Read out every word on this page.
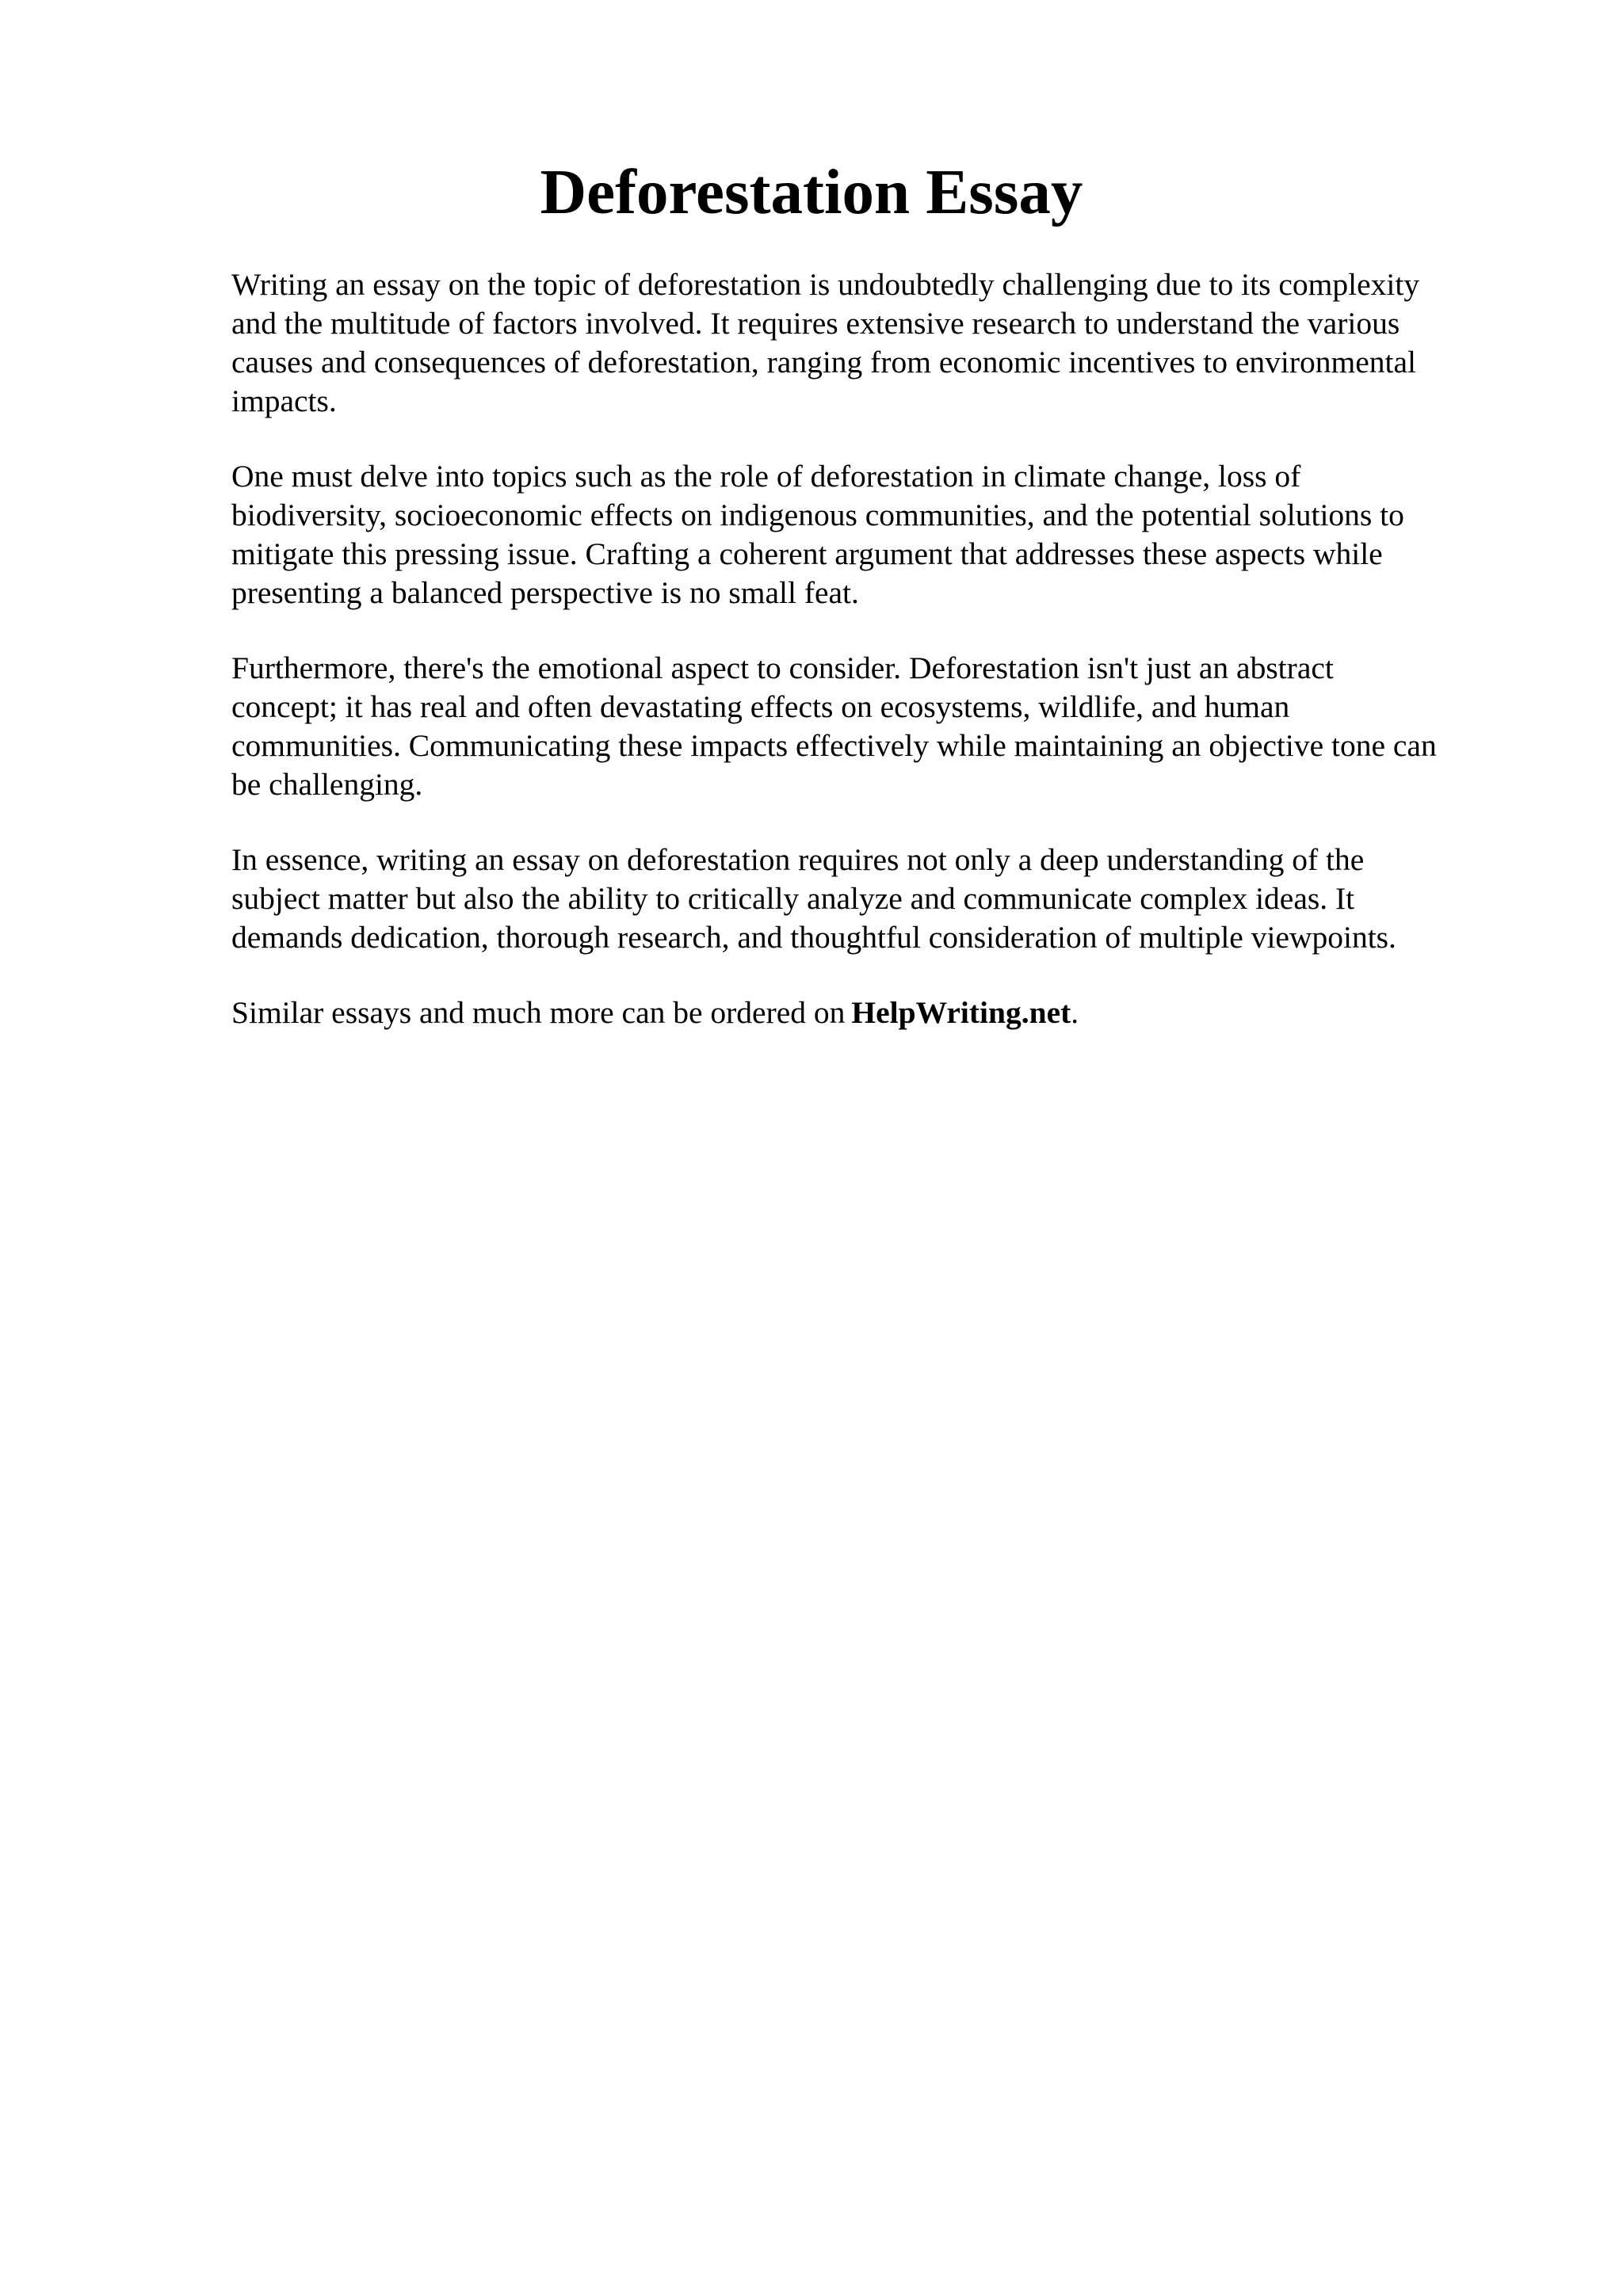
Deforestation Essay

Writing an essay on the topic of deforestation is undoubtedly challenging due to its complexity
and the multitude of factors involved. It requires extensive research to understand the various
causes and consequences of deforestation, ranging from economic incentives to environmental
impacts.

One must delve into topics such as the role of deforestation in climate change, loss of
biodiversity, socioeconomic effects on indigenous communities, and the potential solutions to
mitigate this pressing issue. Crafting a coherent argument that addresses these aspects while
presenting a balanced perspective is no small feat.

Furthermore, there's the emotional aspect to consider. Deforestation isn't just an abstract
concept; it has real and often devastating effects on ecosystems, wildlife, and human
communities. Communicating these impacts effectively while maintaining an objective tone can
be challenging.

In essence, writing an essay on deforestation requires not only a deep understanding of the
subject matter but also the ability to critically analyze and communicate complex ideas. It
demands dedication, thorough research, and thoughtful consideration of multiple viewpoints.

Similar essays and much more can be ordered on HelpWriting.net.
